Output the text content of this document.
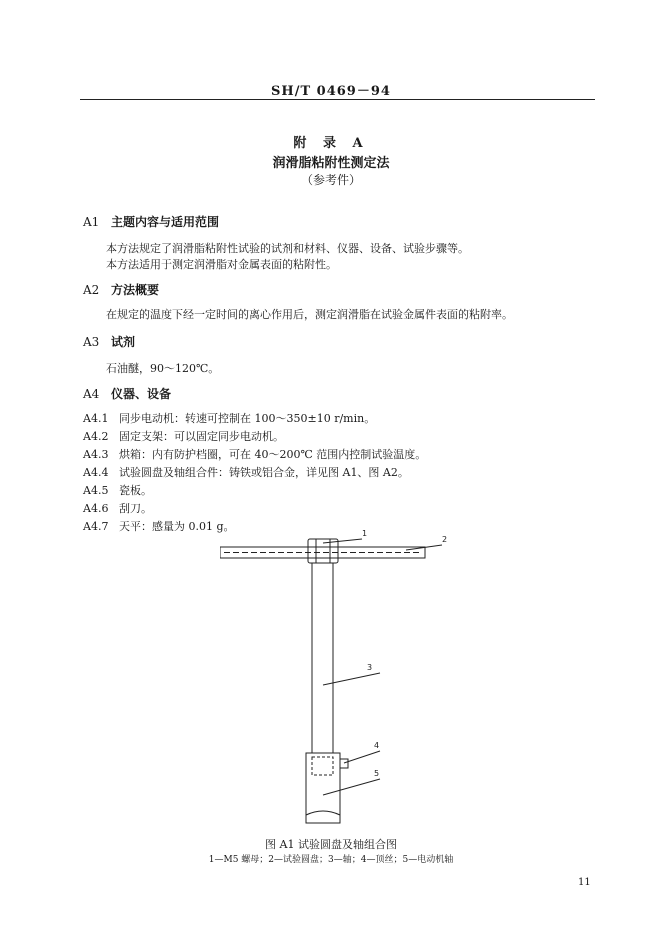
SH/T 0469－94
附 录 A
润滑脂粘附性测定法
（参考件）
A1 主题内容与适用范围
本方法规定了润滑脂粘附性试验的试剂和材料、仪器、设备、试验步骤等。
本方法适用于测定润滑脂对金属表面的粘附性。
A2 方法概要
在规定的温度下经一定时间的离心作用后，测定润滑脂在试验金属件表面的粘附率。
A3 试剂
石油醚，90～120℃。
A4 仪器、设备
A4.1 同步电动机：转速可控制在 100～350±10 r/min。
A4.2 固定支架：可以固定同步电动机。
A4.3 烘箱：内有防护档圈，可在 40～200℃ 范围内控制试验温度。
A4.4 试验圆盘及轴组合件：铸铁或铝合金，详见图 A1、图 A2。
A4.5 瓷板。
A4.6 刮刀。
A4.7 天平：感量为 0.01 g。
1
2
3
4
5
图 A1 试验圆盘及轴组合图
1—M5 螺母；2—试验圆盘；3—轴；4—顶丝；5—电动机轴
11
